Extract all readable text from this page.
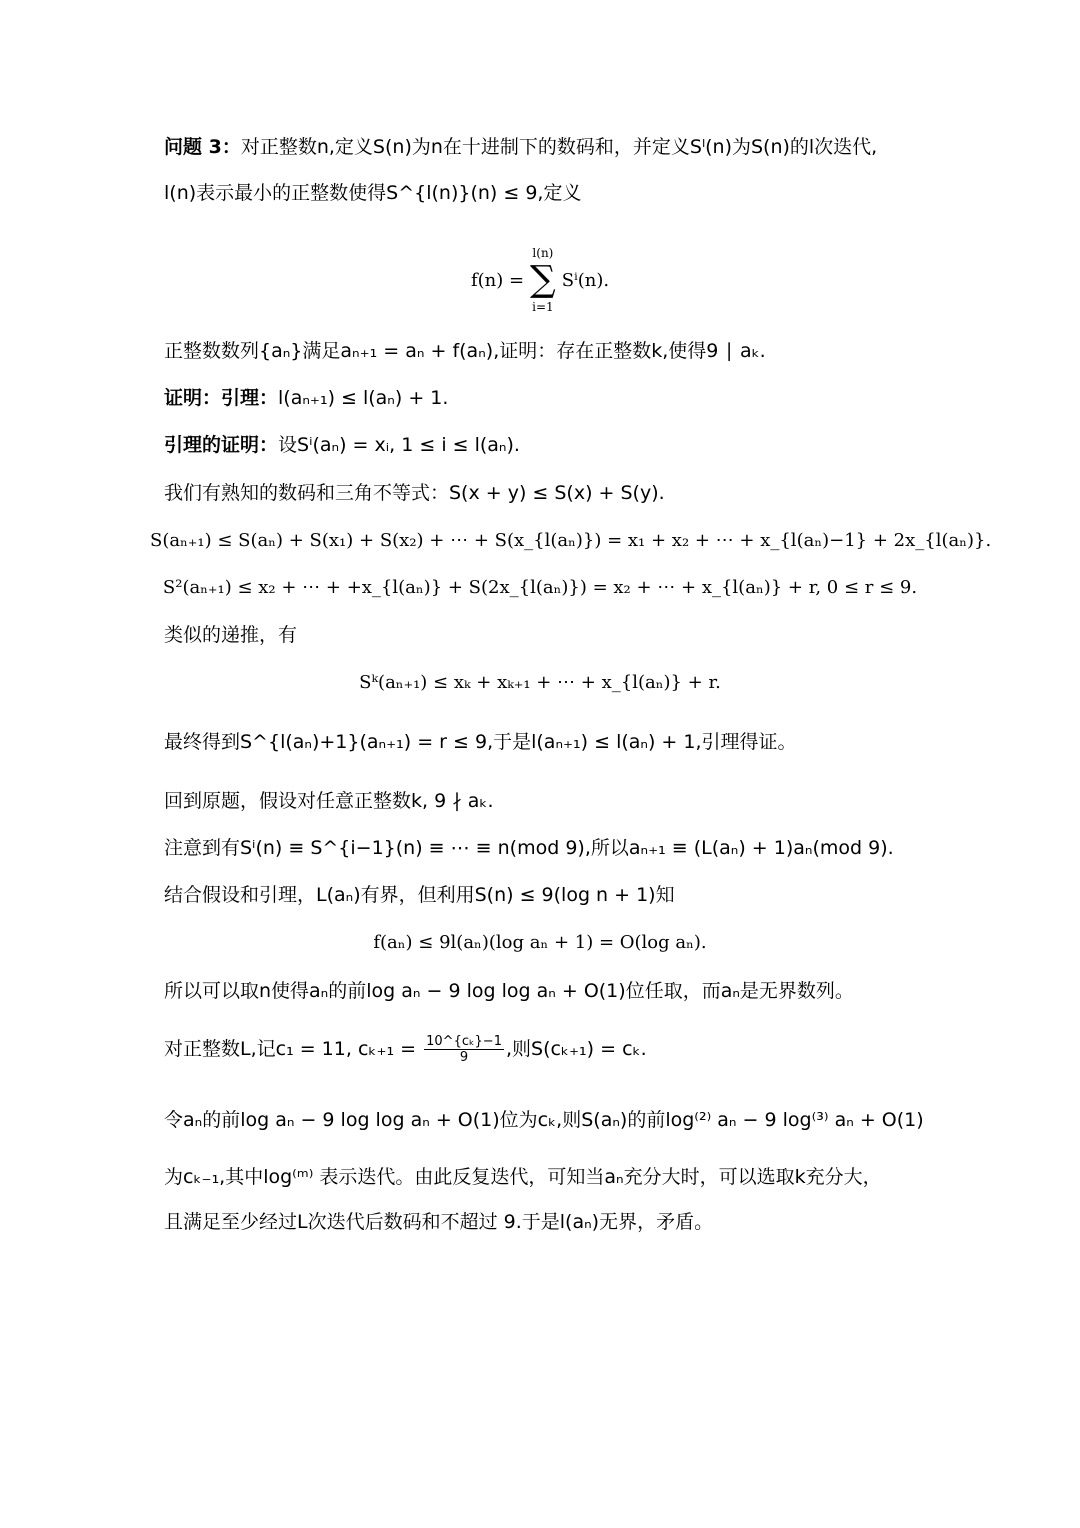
问题 3：对正整数n,定义S(n)为n在十进制下的数码和，并定义Sˡ(n)为S(n)的l次迭代,
l(n)表示最小的正整数使得S^{l(n)}(n) ≤ 9,定义
f(n) =
l(n)
∑
i=1
Sⁱ(n).
正整数数列{aₙ}满足aₙ₊₁ = aₙ + f(aₙ),证明：存在正整数k,使得9 ∣ aₖ.
证明：引理：l(aₙ₊₁) ≤ l(aₙ) + 1.
引理的证明：设Sⁱ(aₙ) = xᵢ, 1 ≤ i ≤ l(aₙ).
我们有熟知的数码和三角不等式：S(x + y) ≤ S(x) + S(y).
S(aₙ₊₁) ≤ S(aₙ) + S(x₁) + S(x₂) + ⋯ + S(x_{l(aₙ)}) = x₁ + x₂ + ⋯ + x_{l(aₙ)−1} + 2x_{l(aₙ)}.
S²(aₙ₊₁) ≤ x₂ + ⋯ + +x_{l(aₙ)} + S(2x_{l(aₙ)}) = x₂ + ⋯ + x_{l(aₙ)} + r, 0 ≤ r ≤ 9.
类似的递推，有
Sᵏ(aₙ₊₁) ≤ xₖ + xₖ₊₁ + ⋯ + x_{l(aₙ)} + r.
最终得到S^{l(aₙ)+1}(aₙ₊₁) = r ≤ 9,于是l(aₙ₊₁) ≤ l(aₙ) + 1,引理得证。
回到原题，假设对任意正整数k, 9 ∤ aₖ.
注意到有Sⁱ(n) ≡ S^{i−1}(n) ≡ ⋯ ≡ n(mod 9),所以aₙ₊₁ ≡ (L(aₙ) + 1)aₙ(mod 9).
结合假设和引理，L(aₙ)有界，但利用S(n) ≤ 9(log n + 1)知
f(aₙ) ≤ 9l(aₙ)(log aₙ + 1) = O(log aₙ).
所以可以取n使得aₙ的前log aₙ − 9 log log aₙ + O(1)位任取，而aₙ是无界数列。
对正整数L,记c₁ = 11, $c_{k+1} = \frac{\text{10\textasciicircum{}\{cₖ\}−1}}{9}$ ,则S(cₖ₊₁) = cₖ.
令aₙ的前log aₙ − 9 log log aₙ + O(1)位为cₖ,则S(aₙ)的前log⁽²⁾ aₙ − 9 log⁽³⁾ aₙ + O(1)
为cₖ₋₁,其中log⁽ᵐ⁾ 表示迭代。由此反复迭代，可知当aₙ充分大时，可以选取k充分大，
且满足至少经过L次迭代后数码和不超过 9.于是l(aₙ)无界，矛盾。
